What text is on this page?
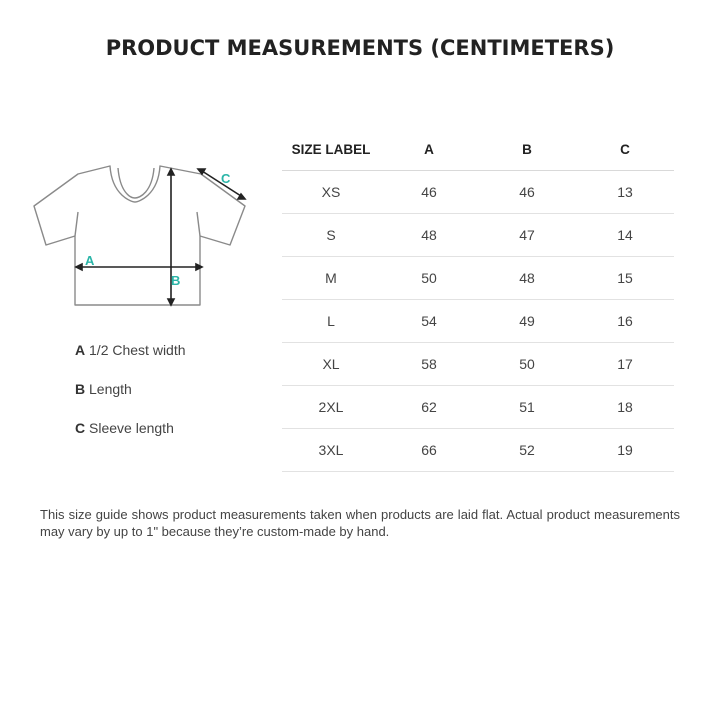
PRODUCT MEASUREMENTS (CENTIMETERS)
A
B
C
A 1/2 Chest width
B Length
C Sleeve length
SIZE LABEL	A	B	C
XS	46	46	13
S	48	47	14
M	50	48	15
L	54	49	16
XL	58	50	17
2XL	62	51	18
3XL	66	52	19
This size guide shows product measurements taken when products are laid flat. Actual product measurements may vary by up to 1" because they’re custom-made by hand.
